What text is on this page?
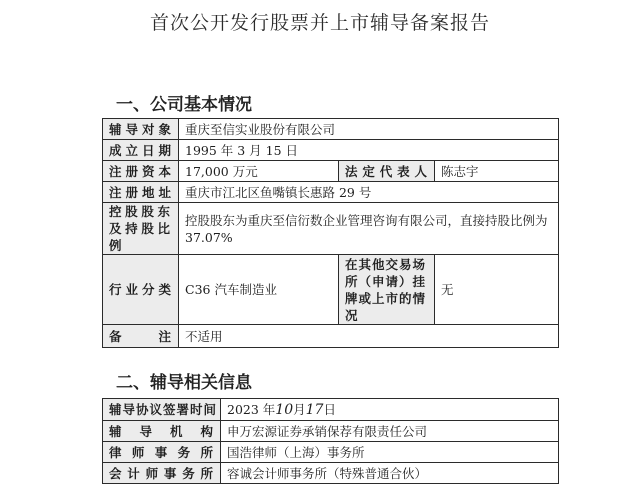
首次公开发行股票并上市辅导备案报告
一、公司基本情况
辅导对象	重庆至信实业股份有限公司		
成立日期	1995 年 3 月 15 日		
注册资本	17,000 万元	法定代表人	陈志宇
注册地址	重庆市江北区鱼嘴镇长惠路 29 号		
控股股东及持股比例	控股股东为重庆至信衍数企业管理咨询有限公司，直接持股比例为 37.07%		
行业分类	C36 汽车制造业	在其他交易场所（申请）挂牌或上市的情况	无
备注	不适用		
二、辅导相关信息
辅导协议签署时间	2023 年10月17日
辅导机构	申万宏源证券承销保荐有限责任公司
律师事务所	国浩律师（上海）事务所
会计师事务所	容诚会计师事务所（特殊普通合伙）
